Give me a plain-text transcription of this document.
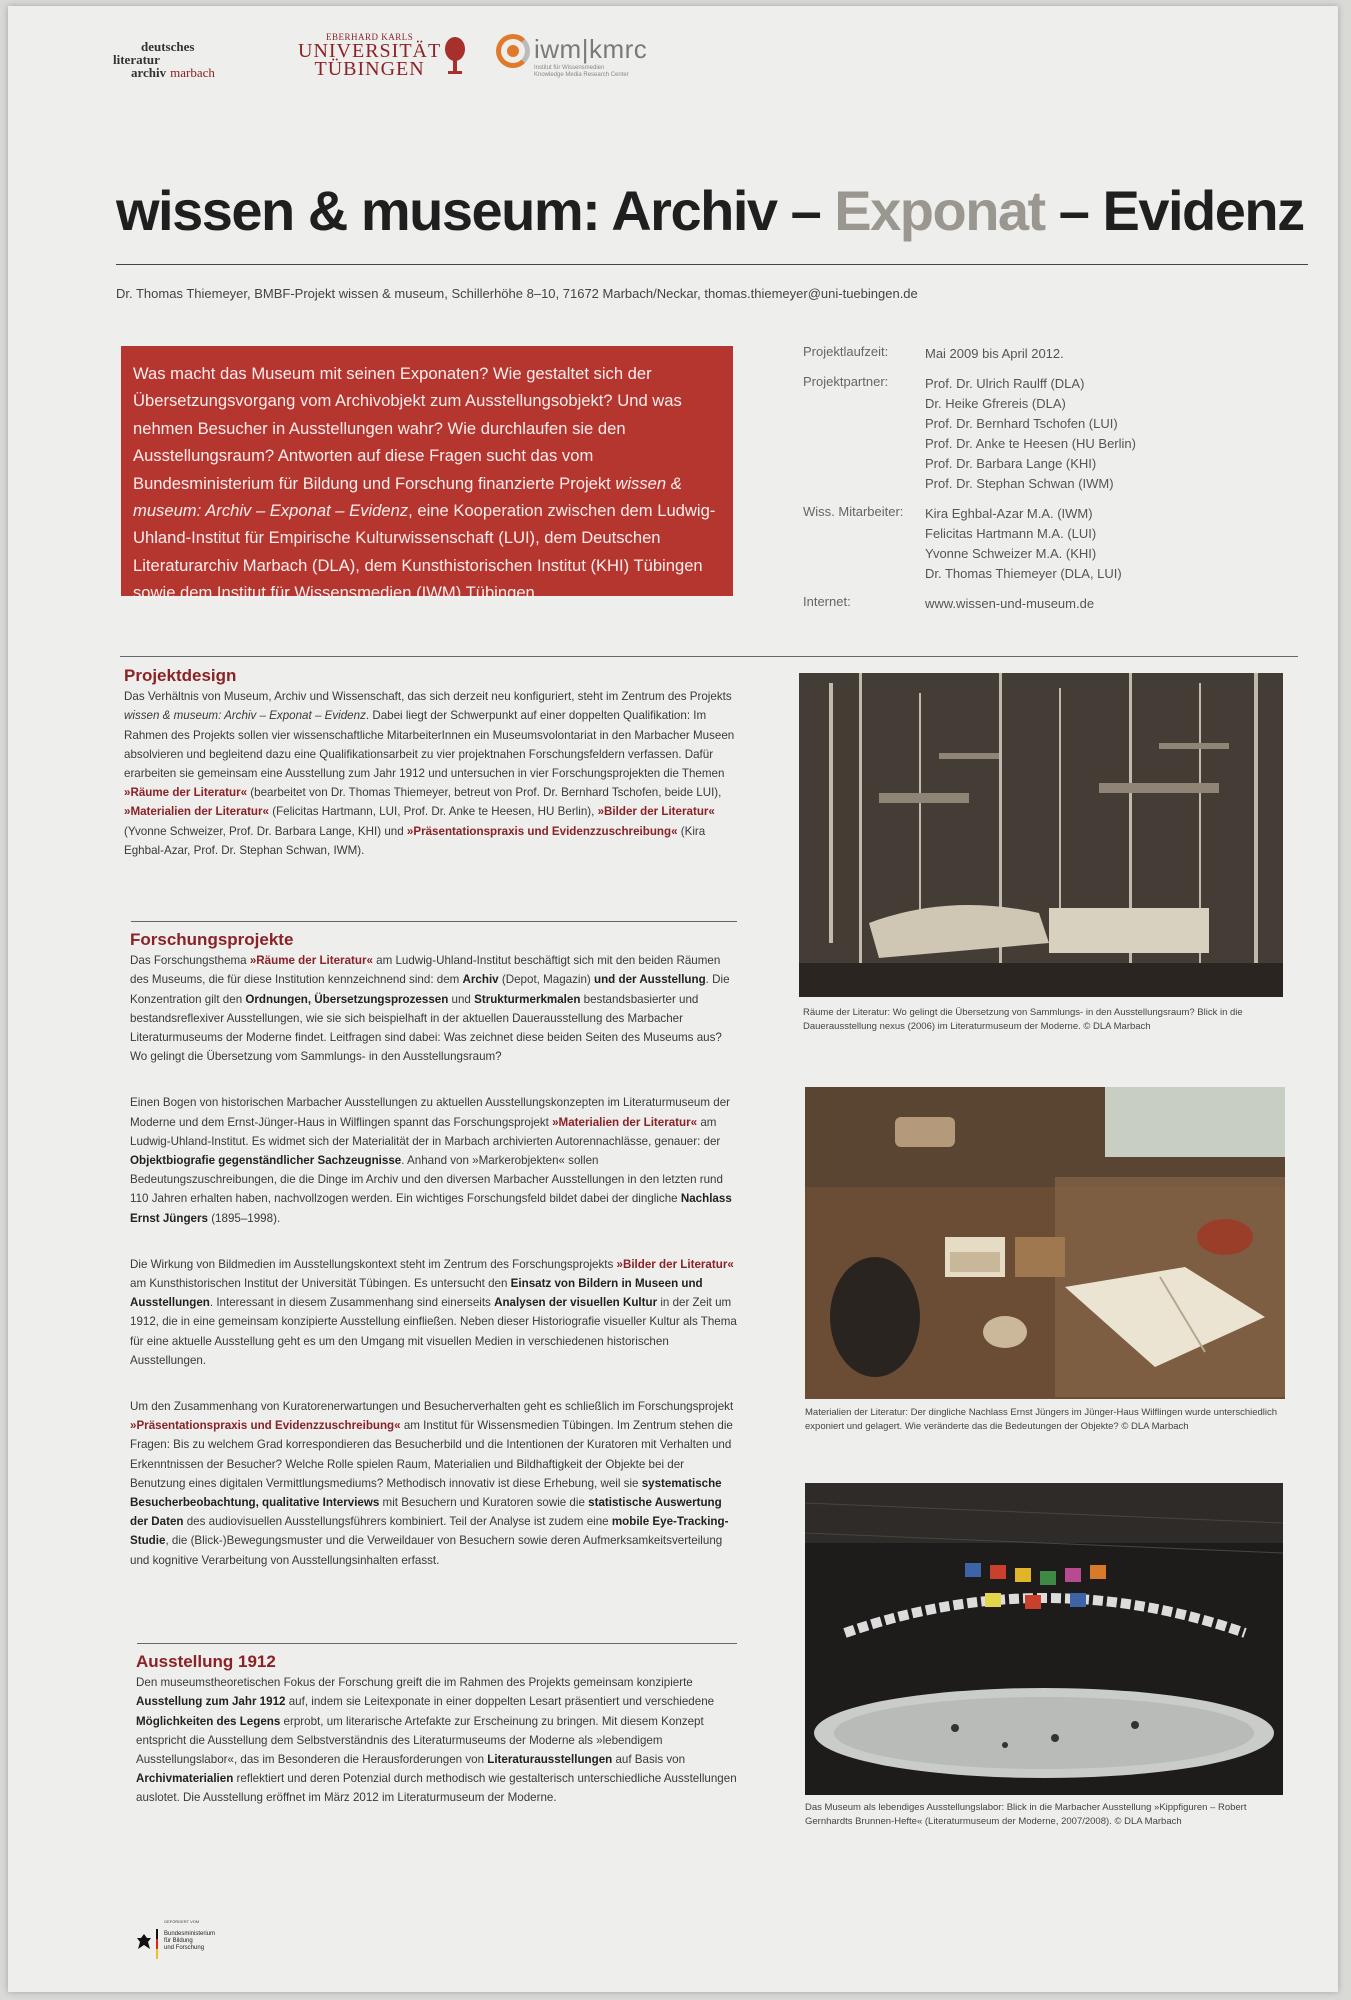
deutsches
literatur
archiv marbach
EBERHARD KARLS
UNIVERSITÄT
TÜBINGEN
iwm|kmrc
Institut für Wissensmedien
Knowledge Media Research Center
wissen & museum: Archiv – Exponat – Evidenz
Dr. Thomas Thiemeyer, BMBF-Projekt wissen & museum, Schillerhöhe 8–10, 71672 Marbach/Neckar, thomas.thiemeyer@uni-tuebingen.de
Was macht das Museum mit seinen Exponaten? Wie gestaltet sich der Übersetzungsvorgang vom Archivobjekt zum Ausstellungsobjekt? Und was nehmen Besucher in Ausstellungen wahr? Wie durchlaufen sie den Ausstellungsraum? Antworten auf diese Fragen sucht das vom Bundesministerium für Bildung und Forschung finanzierte Projekt wissen & museum: Archiv – Exponat – Evidenz, eine Kooperation zwischen dem Ludwig-Uhland-Institut für Empirische Kulturwissenschaft (LUI), dem Deutschen Literaturarchiv Marbach (DLA), dem Kunsthistorischen Institut (KHI) Tübingen sowie dem Institut für Wissensmedien (IWM) Tübingen.
Projektlaufzeit:	Mai 2009 bis April 2012.
Projektpartner:	Prof. Dr. Ulrich Raulff (DLA)
Dr. Heike Gfrereis (DLA)
Prof. Dr. Bernhard Tschofen (LUI)
Prof. Dr. Anke te Heesen (HU Berlin)
Prof. Dr. Barbara Lange (KHI)
Prof. Dr. Stephan Schwan (IWM)
Wiss. Mitarbeiter:	Kira Eghbal-Azar M.A. (IWM)
Felicitas Hartmann M.A. (LUI)
Yvonne Schweizer M.A. (KHI)
Dr. Thomas Thiemeyer (DLA, LUI)
Internet:	www.wissen-und-museum.de
Projektdesign

Das Verhältnis von Museum, Archiv und Wissenschaft, das sich derzeit neu konfiguriert, steht im Zentrum des Projekts wissen & museum: Archiv – Exponat – Evidenz. Dabei liegt der Schwerpunkt auf einer doppelten Qualifikation: Im Rahmen des Projekts sollen vier wissenschaftliche MitarbeiterInnen ein Museumsvolontariat in den Marbacher Museen absolvieren und begleitend dazu eine Qualifikationsarbeit zu vier projektnahen Forschungsfeldern verfassen. Dafür erarbeiten sie gemeinsam eine Ausstellung zum Jahr 1912 und untersuchen in vier Forschungsprojekten die Themen »Räume der Literatur« (bearbeitet von Dr. Thomas Thiemeyer, betreut von Prof. Dr. Bernhard Tschofen, beide LUI), »Materialien der Literatur« (Felicitas Hartmann, LUI, Prof. Dr. Anke te Heesen, HU Berlin), »Bilder der Literatur« (Yvonne Schweizer, Prof. Dr. Barbara Lange, KHI) und »Präsentationspraxis und Evidenzzuschreibung« (Kira Eghbal-Azar, Prof. Dr. Stephan Schwan, IWM).

Forschungsprojekte

Das Forschungsthema »Räume der Literatur« am Ludwig-Uhland-Institut beschäftigt sich mit den beiden Räumen des Museums, die für diese Institution kennzeichnend sind: dem Archiv (Depot, Magazin) und der Ausstellung. Die Konzentration gilt den Ordnungen, Übersetzungsprozessen und Strukturmerkmalen bestandsbasierter und bestandsreflexiver Ausstellungen, wie sie sich beispielhaft in der aktuellen Dauerausstellung des Marbacher Literaturmuseums der Moderne findet. Leitfragen sind dabei: Was zeichnet diese beiden Seiten des Museums aus? Wo gelingt die Übersetzung vom Sammlungs- in den Ausstellungsraum?

Einen Bogen von historischen Marbacher Ausstellungen zu aktuellen Ausstellungskonzepten im Literaturmuseum der Moderne und dem Ernst-Jünger-Haus in Wilflingen spannt das Forschungsprojekt »Materialien der Literatur« am Ludwig-Uhland-Institut. Es widmet sich der Materialität der in Marbach archivierten Autorennachlässe, genauer: der Objektbiografie gegenständlicher Sachzeugnisse. Anhand von »Markerobjekten« sollen Bedeutungszuschreibungen, die die Dinge im Archiv und den diversen Marbacher Ausstellungen in den letzten rund 110 Jahren erhalten haben, nachvollzogen werden. Ein wichtiges Forschungsfeld bildet dabei der dingliche Nachlass Ernst Jüngers (1895–1998).

Die Wirkung von Bildmedien im Ausstellungskontext steht im Zentrum des Forschungsprojekts »Bilder der Literatur« am Kunsthistorischen Institut der Universität Tübingen. Es untersucht den Einsatz von Bildern in Museen und Ausstellungen. Interessant in diesem Zusammenhang sind einerseits Analysen der visuellen Kultur in der Zeit um 1912, die in eine gemeinsam konzipierte Ausstellung einfließen. Neben dieser Historiografie visueller Kultur als Thema für eine aktuelle Ausstellung geht es um den Umgang mit visuellen Medien in verschiedenen historischen Ausstellungen.

Um den Zusammenhang von Kuratorenerwartungen und Besucherverhalten geht es schließlich im Forschungsprojekt »Präsentationspraxis und Evidenzzuschreibung« am Institut für Wissensmedien Tübingen. Im Zentrum stehen die Fragen: Bis zu welchem Grad korrespondieren das Besucherbild und die Intentionen der Kuratoren mit Verhalten und Erkenntnissen der Besucher? Welche Rolle spielen Raum, Materialien und Bildhaftigkeit der Objekte bei der Benutzung eines digitalen Vermittlungsmediums? Methodisch innovativ ist diese Erhebung, weil sie systematische Besucherbeobachtung, qualitative Interviews mit Besuchern und Kuratoren sowie die statistische Auswertung der Daten des audiovisuellen Ausstellungsführers kombiniert. Teil der Analyse ist zudem eine mobile Eye-Tracking-Studie, die (Blick-)Bewegungsmuster und die Verweildauer von Besuchern sowie deren Aufmerksamkeitsverteilung und kognitive Verarbeitung von Ausstellungsinhalten erfasst.

Ausstellung 1912

Den museumstheoretischen Fokus der Forschung greift die im Rahmen des Projekts gemeinsam konzipierte Ausstellung zum Jahr 1912 auf, indem sie Leitexponate in einer doppelten Lesart präsentiert und verschiedene Möglichkeiten des Legens erprobt, um literarische Artefakte zur Erscheinung zu bringen. Mit diesem Konzept entspricht die Ausstellung dem Selbstverständnis des Literaturmuseums der Moderne als »lebendigem Ausstellungslabor«, das im Besonderen die Herausforderungen von Literaturausstellungen auf Basis von Archivmaterialien reflektiert und deren Potenzial durch methodisch wie gestalterisch unterschiedliche Ausstellungen auslotet. Die Ausstellung eröffnet im März 2012 im Literaturmuseum der Moderne.

Räume der Literatur: Wo gelingt die Übersetzung von Sammlungs- in den Ausstellungsraum? Blick in die Dauerausstellung nexus (2006) im Literaturmuseum der Moderne. © DLA Marbach
Materialien der Literatur: Der dingliche Nachlass Ernst Jüngers im Jünger-Haus Wilflingen wurde unterschiedlich exponiert und gelagert. Wie veränderte das die Bedeutungen der Objekte? © DLA Marbach
Das Museum als lebendiges Ausstellungslabor: Blick in die Marbacher Ausstellung »Kippfiguren – Robert Gernhardts Brunnen-Hefte« (Literaturmuseum der Moderne, 2007/2008). © DLA Marbach
GEFÖRDERT VOM
Bundesministerium
für Bildung
und Forschung
